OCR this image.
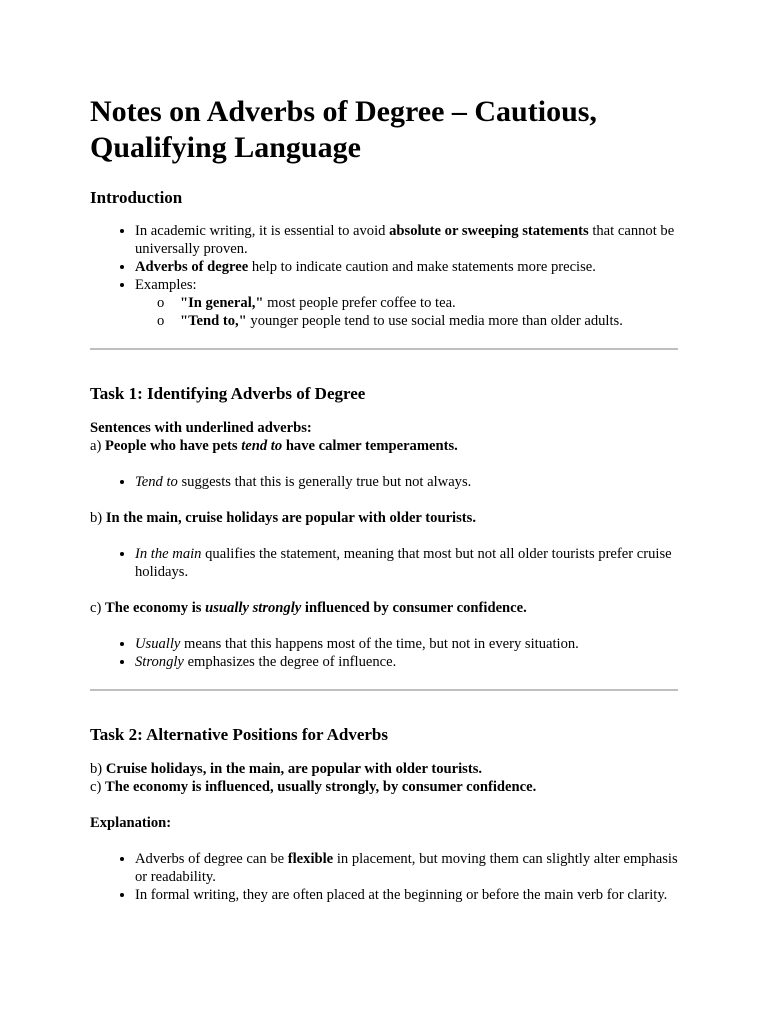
Notes on Adverbs of Degree – Cautious, Qualifying Language
Introduction
• In academic writing, it is essential to avoid absolute or sweeping statements that cannot be universally proven.
• Adverbs of degree help to indicate caution and make statements more precise.
• Examples:
o "In general," most people prefer coffee to tea.
o "Tend to," younger people tend to use social media more than older adults.
Task 1: Identifying Adverbs of Degree

Sentences with underlined adverbs:
a) People who have pets tend to have calmer temperaments.

• Tend to suggests that this is generally true but not always.

b) In the main, cruise holidays are popular with older tourists.

• In the main qualifies the statement, meaning that most but not all older tourists prefer cruise holidays.

c) The economy is usually strongly influenced by consumer confidence.

• Usually means that this happens most of the time, but not in every situation.
• Strongly emphasizes the degree of influence.
Task 2: Alternative Positions for Adverbs

b) Cruise holidays, in the main, are popular with older tourists.
c) The economy is influenced, usually strongly, by consumer confidence.

Explanation:

• Adverbs of degree can be flexible in placement, but moving them can slightly alter emphasis or readability.
• In formal writing, they are often placed at the beginning or before the main verb for clarity.
